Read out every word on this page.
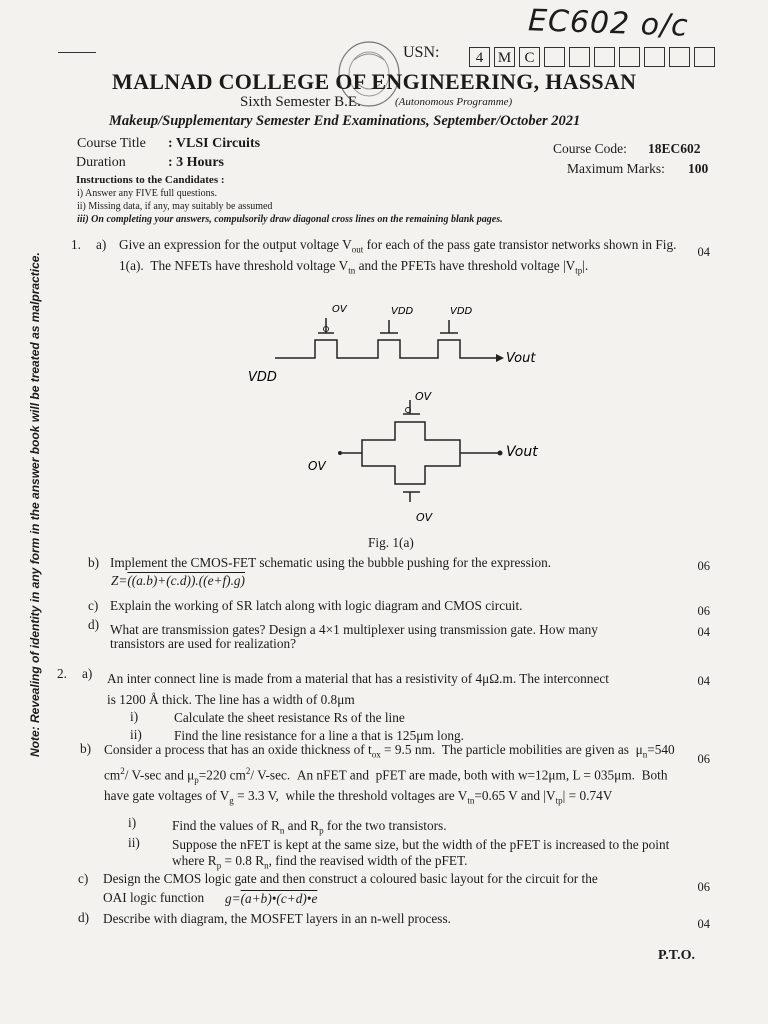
Note: Revealing of identity in any form in the answer book will be treated as malpractice.
EC602 o/c
USN:	4 M C
MALNAD COLLEGE OF ENGINEERING, HASSAN
Sixth Semester B.E.	(Autonomous Programme)
Makeup/Supplementary Semester End Examinations, September/October 2021
Course Title : VLSI Circuits	Course Code: 18EC602
Duration	: 3 Hours	Maximum Marks: 100
Instructions to the Candidates :
i) Answer any FIVE full questions.
ii) Missing data, if any, may suitably be assumed
iii) On completing your answers, compulsorily draw diagonal cross lines on the remaining blank pages.
1. a) Give an expression for the output voltage $V_{out}$ for each of the pass gate transistor networks shown in Fig. 1(a).  The NFETs have threshold voltage $V_{tn}$ and the PFETs have threshold voltage $|V_{tp}|$.
04
OV	VDD	VDD
VDD
Vout
OV
OV
Vout
OV
Fig. 1(a)
b) Implement the CMOS-FET schematic using the bubble pushing for the expression.	06
Z=((a.b)+(c.d)).((e+f).g)
c) Explain the working of SR latch along with logic diagram and CMOS circuit.	06
d) What are transmission gates? Design a 4×1 multiplexer using transmission gate. How many
transistors are used for realization?
04
2. a) An inter connect line is made from a material that has a resistivity of 4μΩ.m. The interconnect	04
is 1200 Å thick. The line has a width of 0.8μm
i)	Calculate the sheet resistance Rs of the line
ii) Find the line resistance for a line a that is 125μm long.
b) Consider a process that has an oxide thickness of $t_{ox} = 9.5$ nm.  The particle mobilities are given as  $\mu_n=540$ $cm^2/$ V-sec and $\mu_p=220$ $cm^2/$ V-sec.  An nFET and  pFET are made, both with w=12μm, L = 035μm.  Both have gate voltages of $V_g = 3.3$ V,  while the threshold voltages are $V_{tn}=0.65$ V and $|V_{tp}| = 0.74V$
06
i)	Find the values of $R_n$ and $R_p$ for the two transistors.
ii) Suppose the nFET is kept at the same size, but the width of the pFET is increased to the point where $R_p = 0.8$ $R_n$, find the reavised width of the pFET.
c) Design the CMOS logic gate and then construct a coloured basic layout for the circuit for the
OAI logic function g=(a+b)•(c+d)•e
06
d) Describe with diagram, the MOSFET layers in an n-well process.	04
P.T.O.
